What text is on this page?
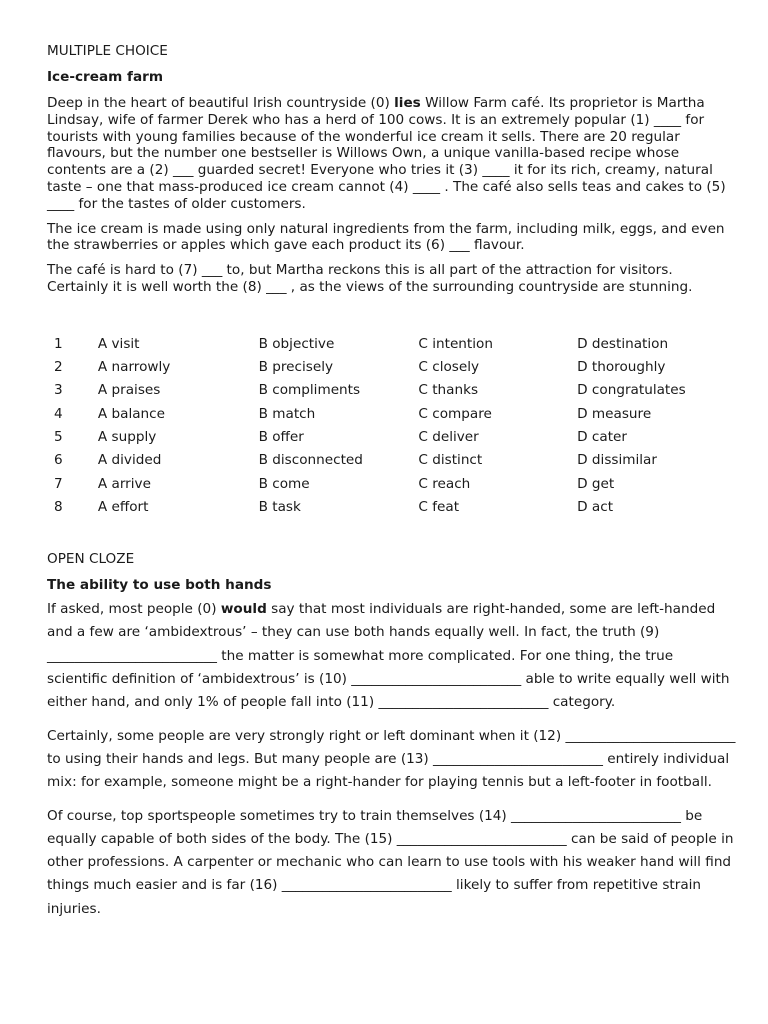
MULTIPLE CHOICE

Ice-cream farm

Deep in the heart of beautiful Irish countryside (0) lies Willow Farm café. Its proprietor is Martha Lindsay, wife of farmer Derek who has a herd of 100 cows. It is an extremely popular (1) ____ for tourists with young families because of the wonderful ice cream it sells. There are 20 regular flavours, but the number one bestseller is Willows Own, a unique vanilla-based recipe whose contents are a (2) ___ guarded secret! Everyone who tries it (3) ____ it for its rich, creamy, natural taste – one that mass-produced ice cream cannot (4) ____ . The café also sells teas and cakes to (5) ____ for the tastes of older customers.

The ice cream is made using only natural ingredients from the farm, including milk, eggs, and even the strawberries or apples which gave each product its (6) ___ flavour.

The café is hard to (7) ___ to, but Martha reckons this is all part of the attraction for visitors. Certainly it is well worth the (8) ___ , as the views of the surrounding countryside are stunning.

1	A visit	B objective	C intention	D destination
2	A narrowly	B precisely	C closely	D thoroughly
3	A praises	B compliments	C thanks	D congratulates
4	A balance	B match	C compare	D measure
5	A supply	B offer	C deliver	D cater
6	A divided	B disconnected	C distinct	D dissimilar
7	A arrive	B come	C reach	D get
8	A effort	B task	C feat	D act

OPEN CLOZE

The ability to use both hands

If asked, most people (0) would say that most individuals are right-handed, some are left-handed and a few are ‘ambidextrous’ – they can use both hands equally well. In fact, the truth (9) _________________________ the matter is somewhat more complicated. For one thing, the true scientific definition of ‘ambidextrous’ is (10) _________________________ able to write equally well with either hand, and only 1% of people fall into (11) _________________________ category.

Certainly, some people are very strongly right or left dominant when it (12) _________________________ to using their hands and legs. But many people are (13) _________________________ entirely individual mix: for example, someone might be a right-hander for playing tennis but a left-footer in football.

Of course, top sportspeople sometimes try to train themselves (14) _________________________ be equally capable of both sides of the body. The (15) _________________________ can be said of people in other professions. A carpenter or mechanic who can learn to use tools with his weaker hand will find things much easier and is far (16) _________________________ likely to suffer from repetitive strain injuries.
